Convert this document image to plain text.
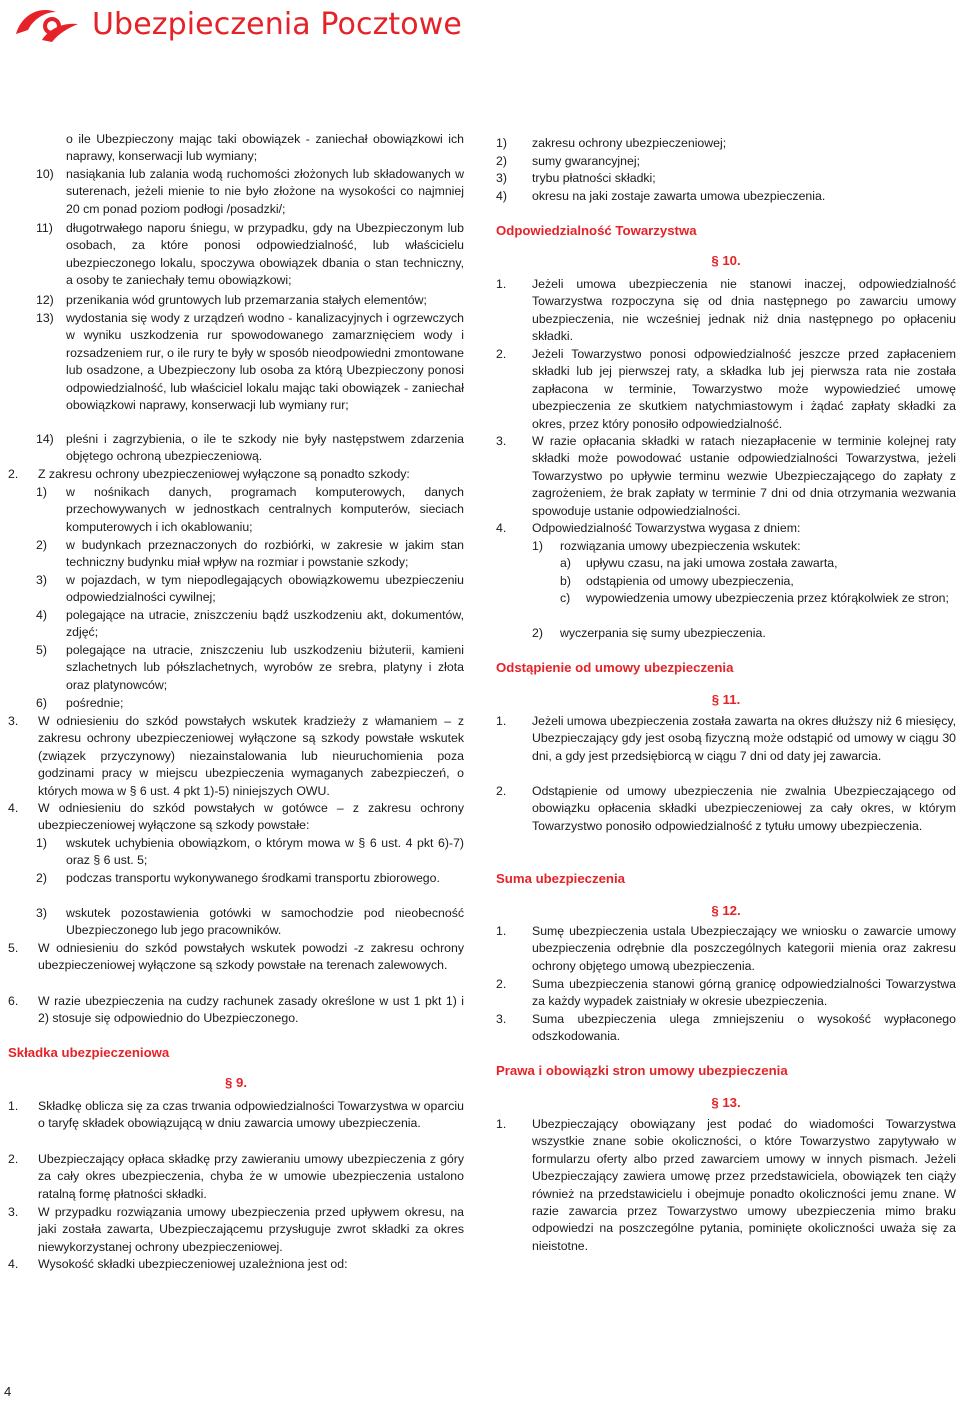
Ubezpieczenia Pocztowe
o ile Ubezpieczony mając taki obowiązek - zaniechał obowiązkowi ich naprawy, konserwacji lub wymiany;
10) nasiąkania lub zalania wodą ruchomości złożonych lub składowanych w suterenach, jeżeli mienie to nie było złożone na wysokości co najmniej 20 cm ponad poziom podłogi /posadzki/;
11) długotrwałego naporu śniegu, w przypadku, gdy na Ubezpieczonym lub osobach, za które ponosi odpowiedzialność, lub właścicielu ubezpieczonego lokalu, spoczywa obowiązek dbania o stan techniczny, a osoby te zaniechały temu obowiązkowi;
12) przenikania wód gruntowych lub przemarzania stałych elementów;
13) wydostania się wody z urządzeń wodno - kanalizacyjnych i ogrzewczych w wyniku uszkodzenia rur spowodowanego zamarznięciem wody i rozsadzeniem rur, o ile rury te były w sposób nieodpowiedni zmontowane lub osadzone, a Ubezpieczony lub osoba za którą Ubezpieczony ponosi odpowiedzialność, lub właściciel lokalu mając taki obowiązek - zaniechał obowiązkowi naprawy, konserwacji lub wymiany rur;
14) pleśni i zagrzybienia, o ile te szkody nie były następstwem zdarzenia objętego ochroną ubezpieczeniową.
2. Z zakresu ochrony ubezpieczeniowej wyłączone są ponadto szkody:
1) w nośnikach danych, programach komputerowych, danych przechowywanych w jednostkach centralnych komputerów, sieciach komputerowych i ich okablowaniu;
2) w budynkach przeznaczonych do rozbiórki, w zakresie w jakim stan techniczny budynku miał wpływ na rozmiar i powstanie szkody;
3) w pojazdach, w tym niepodlegających obowiązkowemu ubezpieczeniu odpowiedzialności cywilnej;
4) polegające na utracie, zniszczeniu bądź uszkodzeniu akt, dokumentów, zdjęć;
5) polegające na utracie, zniszczeniu lub uszkodzeniu biżuterii, kamieni szlachetnych lub półszlachetnych, wyrobów ze srebra, platyny i złota oraz platynowców;
6) pośrednie;
3. W odniesieniu do szkód powstałych wskutek kradzieży z włamaniem – z zakresu ochrony ubezpieczeniowej wyłączone są szkody powstałe wskutek (związek przyczynowy) niezainstalowania lub nieuruchomienia poza godzinami pracy w miejscu ubezpieczenia wymaganych zabezpieczeń, o których mowa w § 6 ust. 4 pkt 1)-5) niniejszych OWU.
4. W odniesieniu do szkód powstałych w gotówce – z zakresu ochrony ubezpieczeniowej wyłączone są szkody powstałe:
1) wskutek uchybienia obowiązkom, o którym mowa w § 6 ust. 4 pkt 6)-7) oraz § 6 ust. 5;
2) podczas transportu wykonywanego środkami transportu zbiorowego.
3) wskutek pozostawienia gotówki w samochodzie pod nieobecność Ubezpieczonego lub jego pracowników.
5. W odniesieniu do szkód powstałych wskutek powodzi -z zakresu ochrony ubezpieczeniowej wyłączone są szkody powstałe na terenach zalewowych.
6. W razie ubezpieczenia na cudzy rachunek zasady określone w ust 1 pkt 1) i 2) stosuje się odpowiednio do Ubezpieczonego.
Składka ubezpieczeniowa
§ 9.
1. Składkę oblicza się za czas trwania odpowiedzialności Towarzystwa w oparciu o taryfę składek obowiązującą w dniu zawarcia umowy ubezpieczenia.
2. Ubezpieczający opłaca składkę przy zawieraniu umowy ubezpieczenia z góry za cały okres ubezpieczenia, chyba że w umowie ubezpieczenia ustalono ratalną formę płatności składki.
3. W przypadku rozwiązania umowy ubezpieczenia przed upływem okresu, na jaki została zawarta, Ubezpieczającemu przysługuje zwrot składki za okres niewykorzystanej ochrony ubezpieczeniowej.
4. Wysokość składki ubezpieczeniowej uzależniona jest od:
1) zakresu ochrony ubezpieczeniowej;
2) sumy gwarancyjnej;
3) trybu płatności składki;
4) okresu na jaki zostaje zawarta umowa ubezpieczenia.
Odpowiedzialność Towarzystwa
§ 10.
1. Jeżeli umowa ubezpieczenia nie stanowi inaczej, odpowiedzialność Towarzystwa rozpoczyna się od dnia następnego po zawarciu umowy ubezpieczenia, nie wcześniej jednak niż dnia następnego po opłaceniu składki.
2. Jeżeli Towarzystwo ponosi odpowiedzialność jeszcze przed zapłaceniem składki lub jej pierwszej raty, a składka lub jej pierwsza rata nie została zapłacona w terminie, Towarzystwo może wypowiedzieć umowę ubezpieczenia ze skutkiem natychmiastowym i żądać zapłaty składki za okres, przez który ponosiło odpowiedzialność.
3. W razie opłacania składki w ratach niezapłacenie w terminie kolejnej raty składki może powodować ustanie odpowiedzialności Towarzystwa, jeżeli Towarzystwo po upływie terminu wezwie Ubezpieczającego do zapłaty z zagrożeniem, że brak zapłaty w terminie 7 dni od dnia otrzymania wezwania spowoduje ustanie odpowiedzialności.
4. Odpowiedzialność Towarzystwa wygasa z dniem:
1) rozwiązania umowy ubezpieczenia wskutek:
a) upływu czasu, na jaki umowa została zawarta,
b) odstąpienia od umowy ubezpieczenia,
c) wypowiedzenia umowy ubezpieczenia przez którąkolwiek ze stron;
2) wyczerpania się sumy ubezpieczenia.
Odstąpienie od umowy ubezpieczenia
§ 11.
1. Jeżeli umowa ubezpieczenia została zawarta na okres dłuższy niż 6 miesięcy, Ubezpieczający gdy jest osobą fizyczną może odstąpić od umowy w ciągu 30 dni, a gdy jest przedsiębiorcą w ciągu 7 dni od daty jej zawarcia.
2. Odstąpienie od umowy ubezpieczenia nie zwalnia Ubezpieczającego od obowiązku opłacenia składki ubezpieczeniowej za cały okres, w którym Towarzystwo ponosiło odpowiedzialność z tytułu umowy ubezpieczenia.
Suma ubezpieczenia
§ 12.
1. Sumę ubezpieczenia ustala Ubezpieczający we wniosku o zawarcie umowy ubezpieczenia odrębnie dla poszczególnych kategorii mienia oraz zakresu ochrony objętego umową ubezpieczenia.
2. Suma ubezpieczenia stanowi górną granicę odpowiedzialności Towarzystwa za każdy wypadek zaistniały w okresie ubezpieczenia.
3. Suma ubezpieczenia ulega zmniejszeniu o wysokość wypłaconego odszkodowania.
Prawa i obowiązki stron umowy ubezpieczenia
§ 13.
1. Ubezpieczający obowiązany jest podać do wiadomości Towarzystwa wszystkie znane sobie okoliczności, o które Towarzystwo zapytywało w formularzu oferty albo przed zawarciem umowy w innych pismach. Jeżeli Ubezpieczający zawiera umowę przez przedstawiciela, obowiązek ten ciąży również na przedstawicielu i obejmuje ponadto okoliczności jemu znane. W razie zawarcia przez Towarzystwo umowy ubezpieczenia mimo braku odpowiedzi na poszczególne pytania, pominięte okoliczności uważa się za nieistotne.
4
